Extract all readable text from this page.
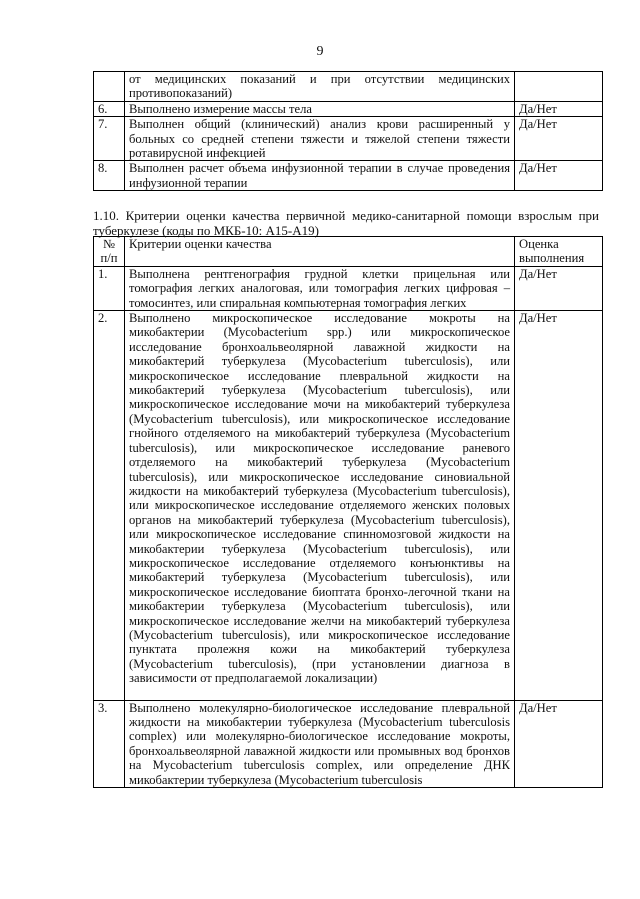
9
	от медицинских показаний и при отсутствии медицинских противопоказаний)	
6.	Выполнено измерение массы тела	Да/Нет
7.	Выполнен общий (клинический) анализ крови расширенный у больных со средней степени тяжести и тяжелой степени тяжести ротавирусной инфекцией	Да/Нет
8.	Выполнен расчет объема инфузионной терапии в случае проведения инфузионной терапии	Да/Нет
1.10. Критерии оценки качества первичной медико-санитарной помощи взрослым при туберкулезе (коды по МКБ-10: A15-A19)
№ п/п	Критерии оценки качества	Оценка выполнения
1.	Выполнена рентгенография грудной клетки прицельная или томография легких аналоговая, или томография легких цифровая – томосинтез, или спиральная компьютерная томография легких	Да/Нет
2.	Выполнено микроскопическое исследование мокроты на микобактерии (Mycobacterium spp.) или микроскопическое исследование бронхоальвеолярной лаважной жидкости на микобактерий туберкулеза (Mycobacterium tuberculosis), или микроскопическое исследование плевральной жидкости на микобактерий туберкулеза (Mycobacterium tuberculosis), или микроскопическое исследование мочи на микобактерий туберкулеза (Mycobacterium tuberculosis), или микроскопическое исследование гнойного отделяемого на микобактерий туберкулеза (Mycobacterium tuberculosis), или микроскопическое исследование раневого отделяемого на микобактерий туберкулеза (Mycobacterium tuberculosis), или микроскопическое исследование синовиальной жидкости на микобактерий туберкулеза (Mycobacterium tuberculosis), или микроскопическое исследование отделяемого женских половых органов на микобактерий туберкулеза (Mycobacterium tuberculosis), или микроскопическое исследование спинномозговой жидкости на микобактерии туберкулеза (Mycobacterium tuberculosis), или микроскопическое исследование отделяемого конъюнктивы на микобактерий туберкулеза (Mycobacterium tuberculosis), или микроскопическое исследование биоптата бронхо-легочной ткани на микобактерии туберкулеза (Mycobacterium tuberculosis), или микроскопическое исследование желчи на микобактерий туберкулеза (Mycobacterium tuberculosis), или микроскопическое исследование пунктата пролежня кожи на микобактерий туберкулеза (Mycobacterium tuberculosis), (при установлении диагноза в зависимости от предполагаемой локализации)	Да/Нет
3.	Выполнено молекулярно-биологическое исследование плевральной жидкости на микобактерии туберкулеза (Mycobacterium tuberculosis complex) или молекулярно-биологическое исследование мокроты, бронхоальвеолярной лаважной жидкости или промывных вод бронхов на Mycobacterium tuberculosis complex, или определение ДНК микобактерии туберкулеза (Mycobacterium tuberculosis	Да/Нет
